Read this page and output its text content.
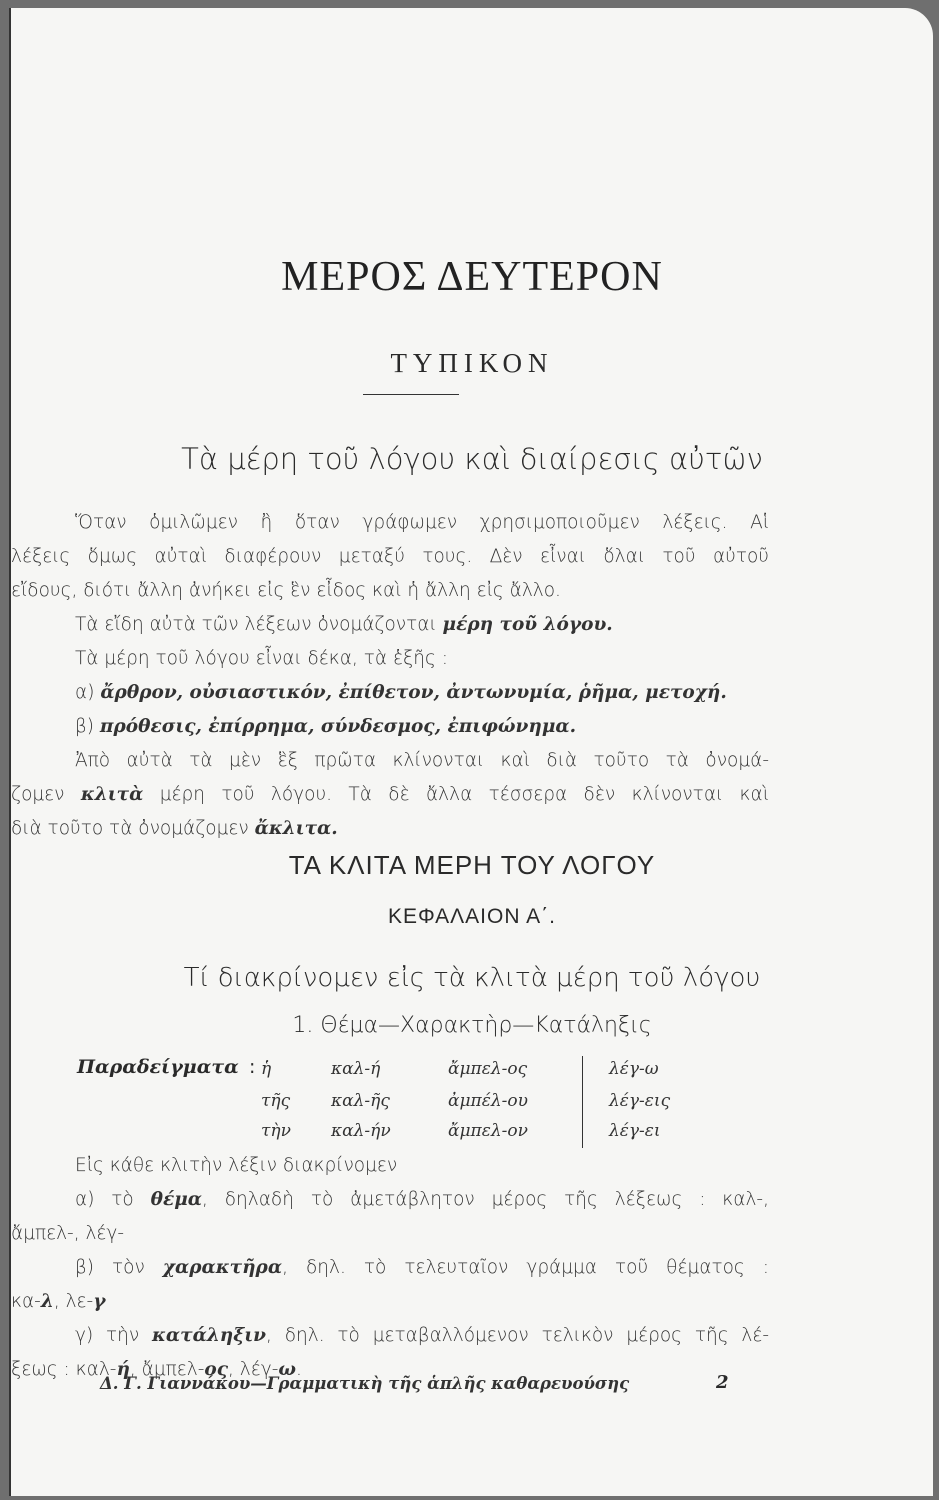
ΜΕΡΟΣ ΔΕΥΤΕΡΟΝ
ΤΥΠΙΚΟΝ
Τὰ μέρη τοῦ λόγου καὶ διαίρεσις αὐτῶν

Ὅταν ὁμιλῶμεν ἢ ὅταν γράφωμεν χρησιμοποιοῦμεν λέξεις. Αἱ

λέξεις ὅμως αὐταὶ διαφέρουν μεταξύ τους. Δὲν εἶναι ὅλαι τοῦ αὐτοῦ

εἴδους, διότι ἄλλη ἀνήκει εἰς ἓν εἶδος καὶ ἡ ἄλλη εἰς ἄλλο.

Τὰ εἴδη αὐτὰ τῶν λέξεων ὀνομάζονται μέρη τοῦ λόγου.

Τὰ μέρη τοῦ λόγου εἶναι δέκα, τὰ ἑξῆς :

α) ἄρθρον, οὐσιαστικόν, ἐπίθετον, ἀντωνυμία, ῥῆμα, μετοχή.

β) πρόθεσις, ἐπίρρημα, σύνδεσμος, ἐπιφώνημα.

Ἀπὸ αὐτὰ τὰ μὲν ἓξ πρῶτα κλίνονται καὶ διὰ τοῦτο τὰ ὀνομά-

ζομεν κλιτὰ μέρη τοῦ λόγου. Τὰ δὲ ἄλλα τέσσερα δὲν κλίνονται καὶ

διὰ τοῦτο τὰ ὀνομάζομεν ἄκλιτα.

ΤΑ ΚΛΙΤΑ ΜΕΡΗ ΤΟΥ ΛΟΓΟΥ
ΚΕΦΑΛΑΙΟΝ Α΄.
Τί διακρίνομεν εἰς τὰ κλιτὰ μέρη τοῦ λόγου
1. Θέμα—Χαρακτὴρ—Κατάληξις
Παραδείγματα : ἡ
τῆς
τὴν
καλ-ή
καλ-ῆς
καλ-ήν
ἄμπελ-ος
ἀμπέλ-ου
ἄμπελ-ον
λέγ-ω
λέγ-εις
λέγ-ει

Εἰς κάθε κλιτὴν λέξιν διακρίνομεν

α) τὸ θέμα, δηλαδὴ τὸ ἀμετάβλητον μέρος τῆς λέξεως : καλ-,

ἄμπελ-, λέγ-

β) τὸν χαρακτῆρα, δηλ. τὸ τελευταῖον γράμμα τοῦ θέματος :

κα-λ, λε-γ

γ) τὴν κατάληξιν, δηλ. τὸ μεταβαλλόμενον τελικὸν μέρος τῆς λέ-

ξεως : καλ-ή, ἄμπελ-ος, λέγ-ω.

Δ. Γ. Γιαννάκου—Γραμματικὴ τῆς ἁπλῆς καθαρευούσης	2
